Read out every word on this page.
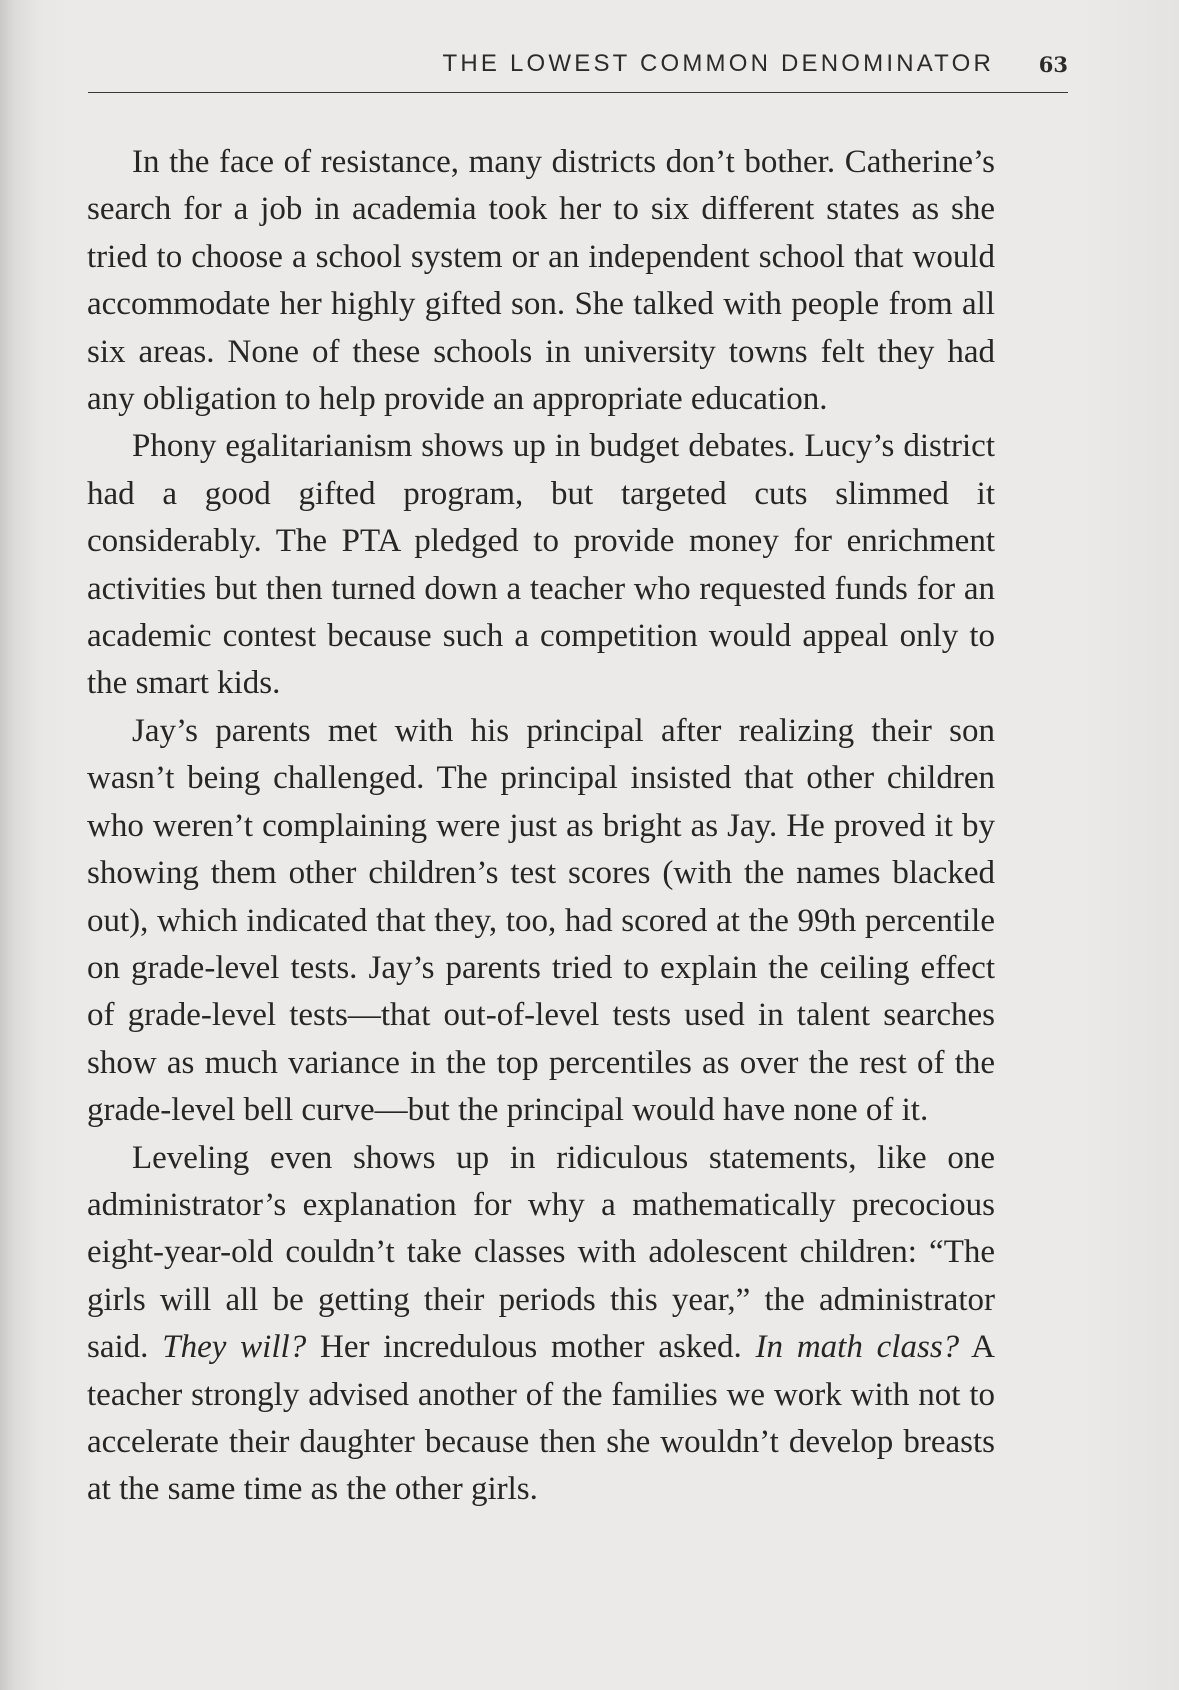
THE LOWEST COMMON DENOMINATOR 63

In the face of resistance, many districts don’t bother. Catherine’s search for a job in academia took her to six different states as she tried to choose a school system or an independent school that would accommodate her highly gifted son. She talked with people from all six areas. None of these schools in university towns felt they had any obligation to help provide an appropriate education.

Phony egalitarianism shows up in budget debates. Lucy’s district had a good gifted program, but targeted cuts slimmed it considerably. The PTA pledged to provide money for enrichment activities but then turned down a teacher who requested funds for an academic contest because such a competition would appeal only to the smart kids.

Jay’s parents met with his principal after realizing their son wasn’t being challenged. The principal insisted that other children who weren’t complaining were just as bright as Jay. He proved it by showing them other children’s test scores (with the names blacked out), which indicated that they, too, had scored at the 99th percentile on grade-level tests. Jay’s parents tried to explain the ceiling effect of grade-level tests—that out-of-level tests used in talent searches show as much variance in the top percentiles as over the rest of the grade-level bell curve—but the principal would have none of it.

Leveling even shows up in ridiculous statements, like one administrator’s explanation for why a mathematically precocious eight-year-old couldn’t take classes with adolescent children: “The girls will all be getting their periods this year,” the administrator said. They will? Her incredulous mother asked. In math class? A teacher strongly advised another of the families we work with not to accelerate their daughter because then she wouldn’t develop breasts at the same time as the other girls.
